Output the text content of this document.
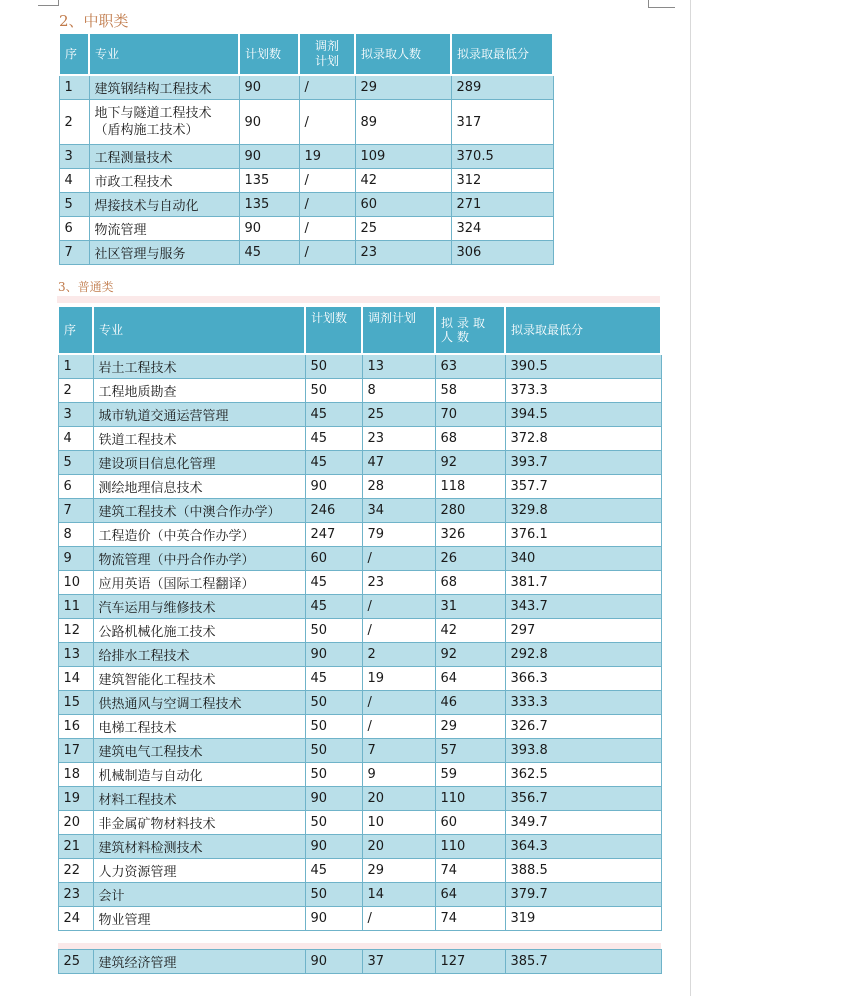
2、中职类
序	专业	计划数	调剂计划	拟录取人数	拟录取最低分
1	建筑钢结构工程技术	90	/	29	289
2	地下与隧道工程技术（盾构施工技术）	90	/	89	317
3	工程测量技术	90	19	109	370.5
4	市政工程技术	135	/	42	312
5	焊接技术与自动化	135	/	60	271
6	物流管理	90	/	25	324
7	社区管理与服务	45	/	23	306
3、普通类
序	专业	计划数	调剂计划	拟录取人数	拟录取最低分
1	岩土工程技术	50	13	63	390.5
2	工程地质勘查	50	8	58	373.3
3	城市轨道交通运营管理	45	25	70	394.5
4	铁道工程技术	45	23	68	372.8
5	建设项目信息化管理	45	47	92	393.7
6	测绘地理信息技术	90	28	118	357.7
7	建筑工程技术（中澳合作办学）	246	34	280	329.8
8	工程造价（中英合作办学）	247	79	326	376.1
9	物流管理（中丹合作办学）	60	/	26	340
10	应用英语（国际工程翻译）	45	23	68	381.7
11	汽车运用与维修技术	45	/	31	343.7
12	公路机械化施工技术	50	/	42	297
13	给排水工程技术	90	2	92	292.8
14	建筑智能化工程技术	45	19	64	366.3
15	供热通风与空调工程技术	50	/	46	333.3
16	电梯工程技术	50	/	29	326.7
17	建筑电气工程技术	50	7	57	393.8
18	机械制造与自动化	50	9	59	362.5
19	材料工程技术	90	20	110	356.7
20	非金属矿物材料技术	50	10	60	349.7
21	建筑材料检测技术	90	20	110	364.3
22	人力资源管理	45	29	74	388.5
23	会计	50	14	64	379.7
24	物业管理	90	/	74	319

25	建筑经济管理	90	37	127	385.7
